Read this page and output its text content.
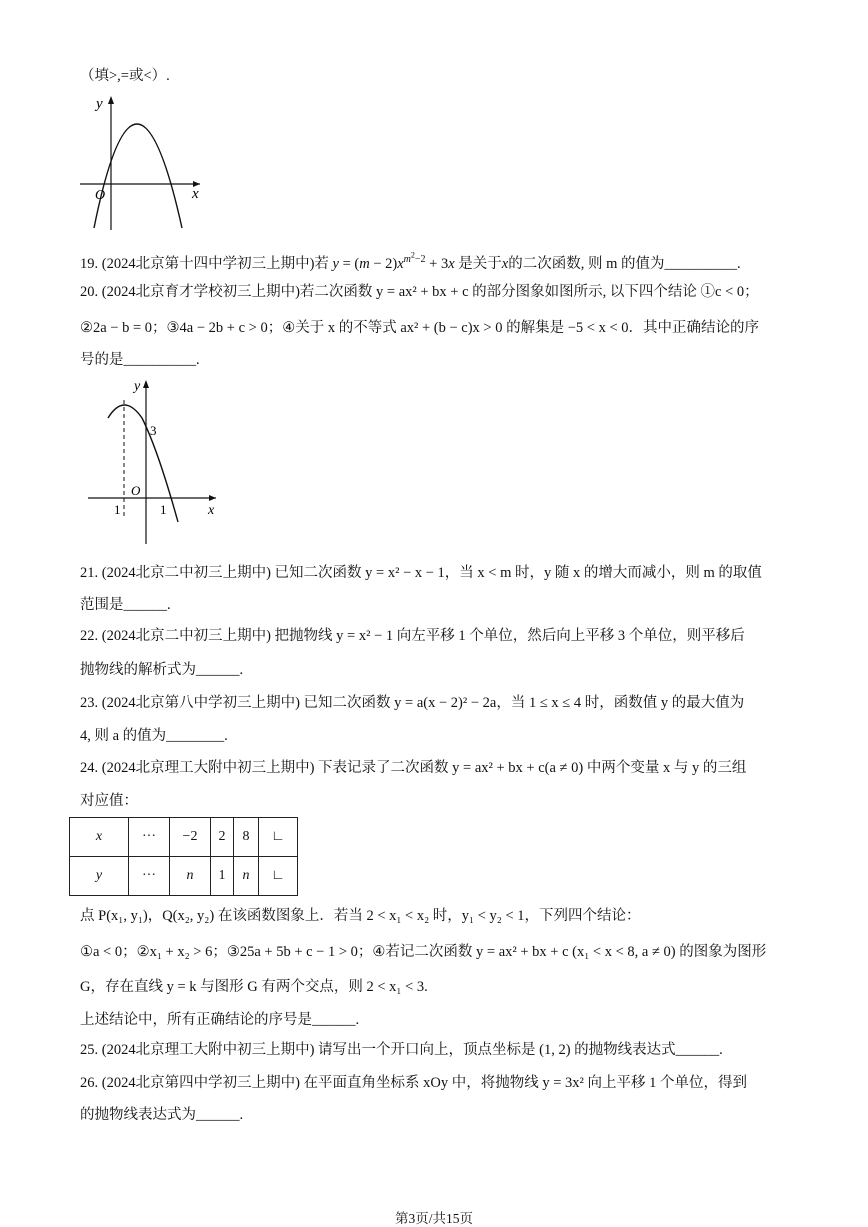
（填>,=或<）.
y
x
O
19. (2024北京第十四中学初三上期中)若 $y = (m - 2)x^{m^2-2} + 3x$ 是关于x的二次函数, 则 m 的值为__________.
20. (2024北京育才学校初三上期中)若二次函数 y = ax² + bx + c 的部分图象如图所示, 以下四个结论 ①c < 0；
②2a − b = 0；③4a − 2b + c > 0；④关于 x 的不等式 ax² + (b − c)x > 0 的解集是 −5 < x < 0．其中正确结论的序
号的是__________.
y
3
O
1	1	x
21. (2024北京二中初三上期中) 已知二次函数 y = x² − x − 1，当 x < m 时，y 随 x 的增大而减小，则 m 的取值
范围是______.
22. (2024北京二中初三上期中) 把抛物线 y = x² − 1 向左平移 1 个单位，然后向上平移 3 个单位，则平移后
抛物线的解析式为______.
23. (2024北京第八中学初三上期中) 已知二次函数 y = a(x − 2)² − 2a，当 1 ≤ x ≤ 4 时，函数值 y 的最大值为
4, 则 a 的值为________.
24. (2024北京理工大附中初三上期中) 下表记录了二次函数 y = ax² + bx + c(a ≠ 0) 中两个变量 x 与 y 的三组
对应值：
x	···	−2	2	8	∟
y	···	n	1	n	∟
点 P(x₁, y₁)，Q(x₂, y₂) 在该函数图象上．若当 2 < x₁ < x₂ 时，y₁ < y₂ < 1，下列四个结论：
①a < 0；②x₁ + x₂ > 6；③25a + 5b + c − 1 > 0；④若记二次函数 y = ax² + bx + c (x₁ < x < 8, a ≠ 0) 的图象为图形
G，存在直线 y = k 与图形 G 有两个交点，则 2 < x₁ < 3.
上述结论中，所有正确结论的序号是______.
25. (2024北京理工大附中初三上期中) 请写出一个开口向上，顶点坐标是 (1, 2) 的抛物线表达式______.
26. (2024北京第四中学初三上期中) 在平面直角坐标系 xOy 中，将抛物线 y = 3x² 向上平移 1 个单位，得到
的抛物线表达式为______.
第3页/共15页
